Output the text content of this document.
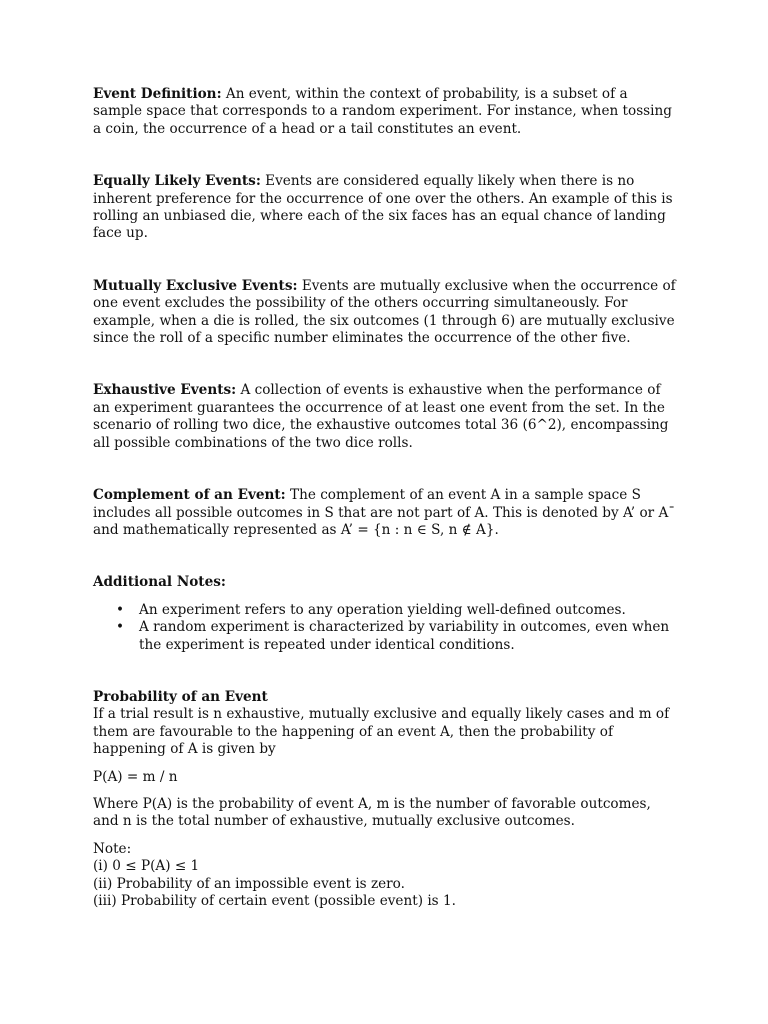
Event Definition: An event, within the context of probability, is a subset of a sample space that corresponds to a random experiment. For instance, when tossing a coin, the occurrence of a head or a tail constitutes an event.

Equally Likely Events: Events are considered equally likely when there is no inherent preference for the occurrence of one over the others. An example of this is rolling an unbiased die, where each of the six faces has an equal chance of landing face up.

Mutually Exclusive Events: Events are mutually exclusive when the occurrence of one event excludes the possibility of the others occurring simultaneously. For example, when a die is rolled, the six outcomes (1 through 6) are mutually exclusive since the roll of a specific number eliminates the occurrence of the other five.

Exhaustive Events: A collection of events is exhaustive when the performance of an experiment guarantees the occurrence of at least one event from the set. In the scenario of rolling two dice, the exhaustive outcomes total 36 (6^2), encompassing all possible combinations of the two dice rolls.

Complement of an Event: The complement of an event A in a sample space S includes all possible outcomes in S that are not part of A. This is denoted by A’ or A¯ and mathematically represented as A’ = {n : n ∈ S, n ∉ A}.

Additional Notes:

• An experiment refers to any operation yielding well-defined outcomes.
• A random experiment is characterized by variability in outcomes, even when the experiment is repeated under identical conditions.

Probability of an Event

If a trial result is n exhaustive, mutually exclusive and equally likely cases and m of them are favourable to the happening of an event A, then the probability of happening of A is given by

P(A) = m / n

Where P(A) is the probability of event A, m is the number of favorable outcomes, and n is the total number of exhaustive, mutually exclusive outcomes.

Note:

(i) 0 ≤ P(A) ≤ 1

(ii) Probability of an impossible event is zero.

(iii) Probability of certain event (possible event) is 1.
